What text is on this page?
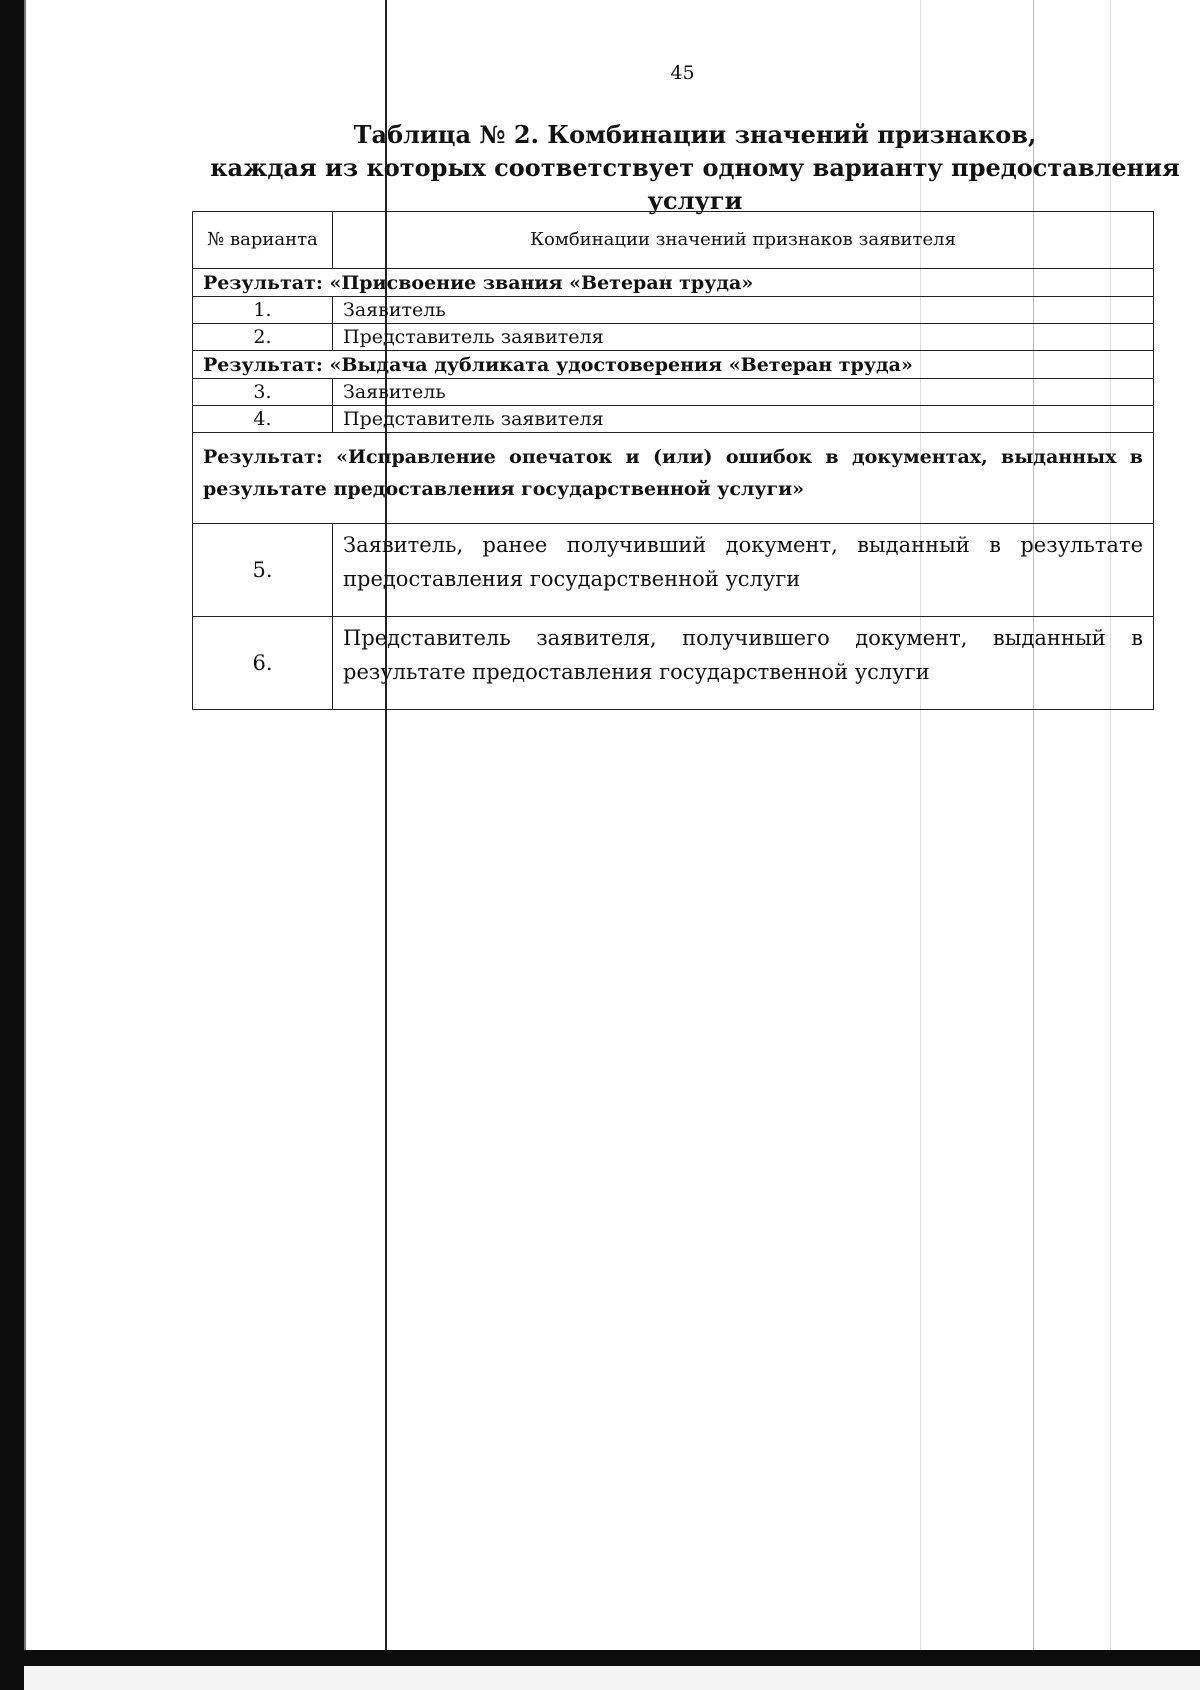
45
Таблица № 2. Комбинации значений признаков,
каждая из которых соответствует одному варианту предоставления услуги
№ варианта	Комбинации значений признаков заявителя
Результат: «Присвоение звания «Ветеран труда»	
1.	Заявитель
2.	Представитель заявителя
Результат: «Выдача дубликата удостоверения «Ветеран труда»	
3.	Заявитель
4.	Представитель заявителя
Результат: «Исправление опечаток и (или) ошибок в документах, выданных в результате предоставления государственной услуги»	
5.	Заявитель, ранее получивший документ, выданный в результате предоставления государственной услуги
6.	Представитель заявителя, получившего документ, выданный в результате предоставления государственной услуги
